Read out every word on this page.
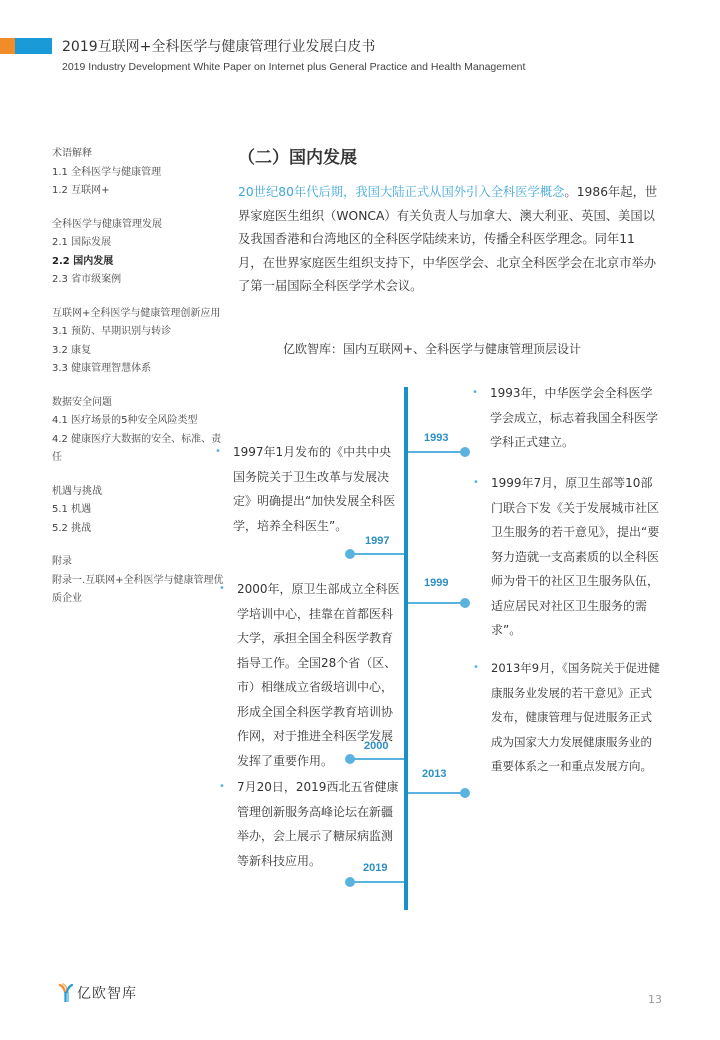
2019互联网+全科医学与健康管理行业发展白皮书
2019 Industry Development White Paper on Internet plus General Practice and Health Management
术语解释
1.1 全科医学与健康管理
1.2 互联网+
全科医学与健康管理发展
2.1 国际发展
2.2 国内发展
2.3 省市级案例
互联网+全科医学与健康管理创新应用
3.1 预防、早期识别与转诊
3.2 康复
3.3 健康管理智慧体系
数据安全问题
4.1 医疗场景的5种安全风险类型
4.2 健康医疗大数据的安全、标准、责任
机遇与挑战
5.1 机遇
5.2 挑战
附录
附录一.互联网+全科医学与健康管理优质企业
（二）国内发展
20世纪80年代后期，我国大陆正式从国外引入全科医学概念。1986年起，世界家庭医生组织（WONCA）有关负责人与加拿大、澳大利亚、英国、美国以及我国香港和台湾地区的全科医学陆续来访，传播全科医学理念。同年11月，在世界家庭医生组织支持下，中华医学会、北京全科医学会在北京市举办了第一届国际全科医学学术会议。
亿欧智库：国内互联网+、全科医学与健康管理顶层设计
1993
• 1993年，中华医学会全科医学学会成立，标志着我国全科医学学科正式建立。
1997
• 1997年1月发布的《中共中央国务院关于卫生改革与发展决定》明确提出“加快发展全科医学，培养全科医生”。
1999
• 1999年7月，原卫生部等10部门联合下发《关于发展城市社区卫生服务的若干意见》，提出“要努力造就一支高素质的以全科医师为骨干的社区卫生服务队伍，适应居民对社区卫生服务的需求”。
2000
• 2000年，原卫生部成立全科医学培训中心，挂靠在首都医科大学，承担全国全科医学教育指导工作。全国28个省（区、市）相继成立省级培训中心，形成全国全科医学教育培训协作网，对于推进全科医学发展发挥了重要作用。
2013
• 2013年9月，《国务院关于促进健康服务业发展的若干意见》正式发布，健康管理与促进服务正式成为国家大力发展健康服务业的重要体系之一和重点发展方向。
2019
• 7月20日，2019西北五省健康管理创新服务高峰论坛在新疆举办，会上展示了糖尿病监测等新科技应用。
亿欧智库	13
